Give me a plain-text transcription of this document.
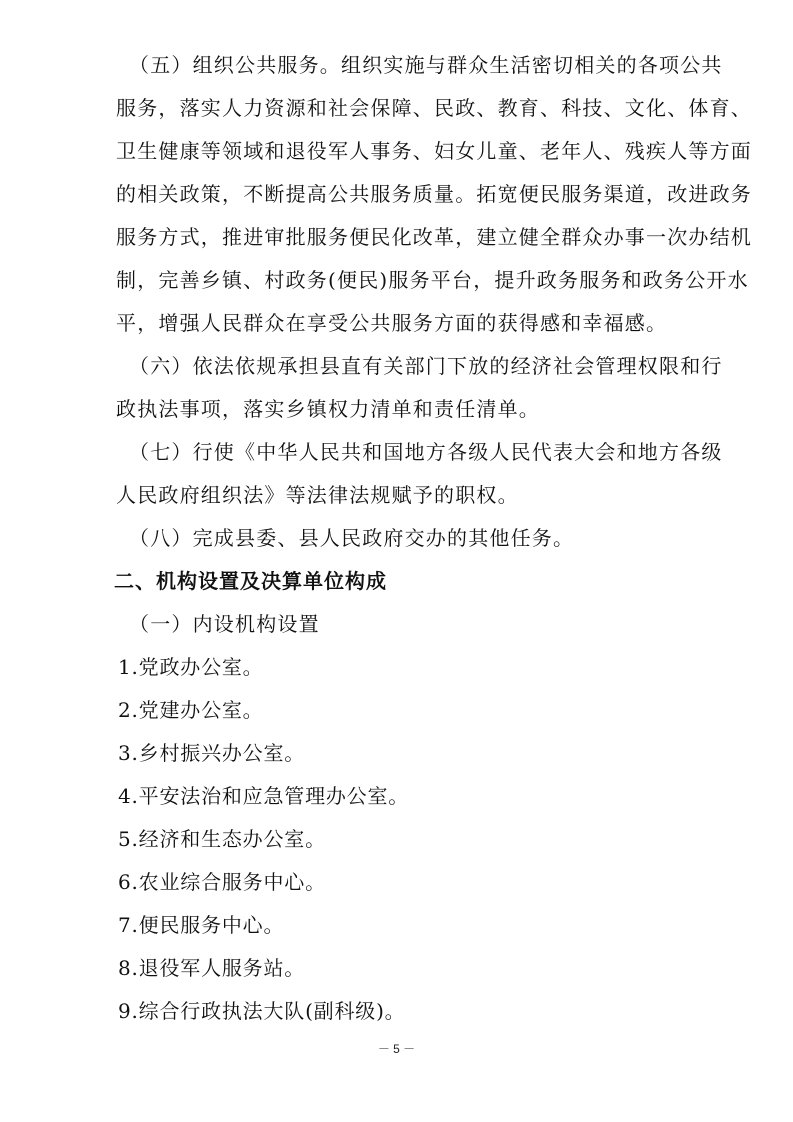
（五）组织公共服务。组织实施与群众生活密切相关的各项公共

服务，落实人力资源和社会保障、民政、教育、科技、文化、体育、

卫生健康等领域和退役军人事务、妇女儿童、老年人、残疾人等方面

的相关政策，不断提高公共服务质量。拓宽便民服务渠道，改进政务

服务方式，推进审批服务便民化改革，建立健全群众办事一次办结机

制，完善乡镇、村政务(便民)服务平台，提升政务服务和政务公开水

平，增强人民群众在享受公共服务方面的获得感和幸福感。

（六）依法依规承担县直有关部门下放的经济社会管理权限和行

政执法事项，落实乡镇权力清单和责任清单。

（七）行使《中华人民共和国地方各级人民代表大会和地方各级

人民政府组织法》等法律法规赋予的职权。

（八）完成县委、县人民政府交办的其他任务。

二、机构设置及决算单位构成

（一）内设机构设置

1.党政办公室。

2.党建办公室。

3.乡村振兴办公室。

4.平安法治和应急管理办公室。

5.经济和生态办公室。

6.农业综合服务中心。

7.便民服务中心。

8.退役军人服务站。

9.综合行政执法大队(副科级)。

－ 5 －
